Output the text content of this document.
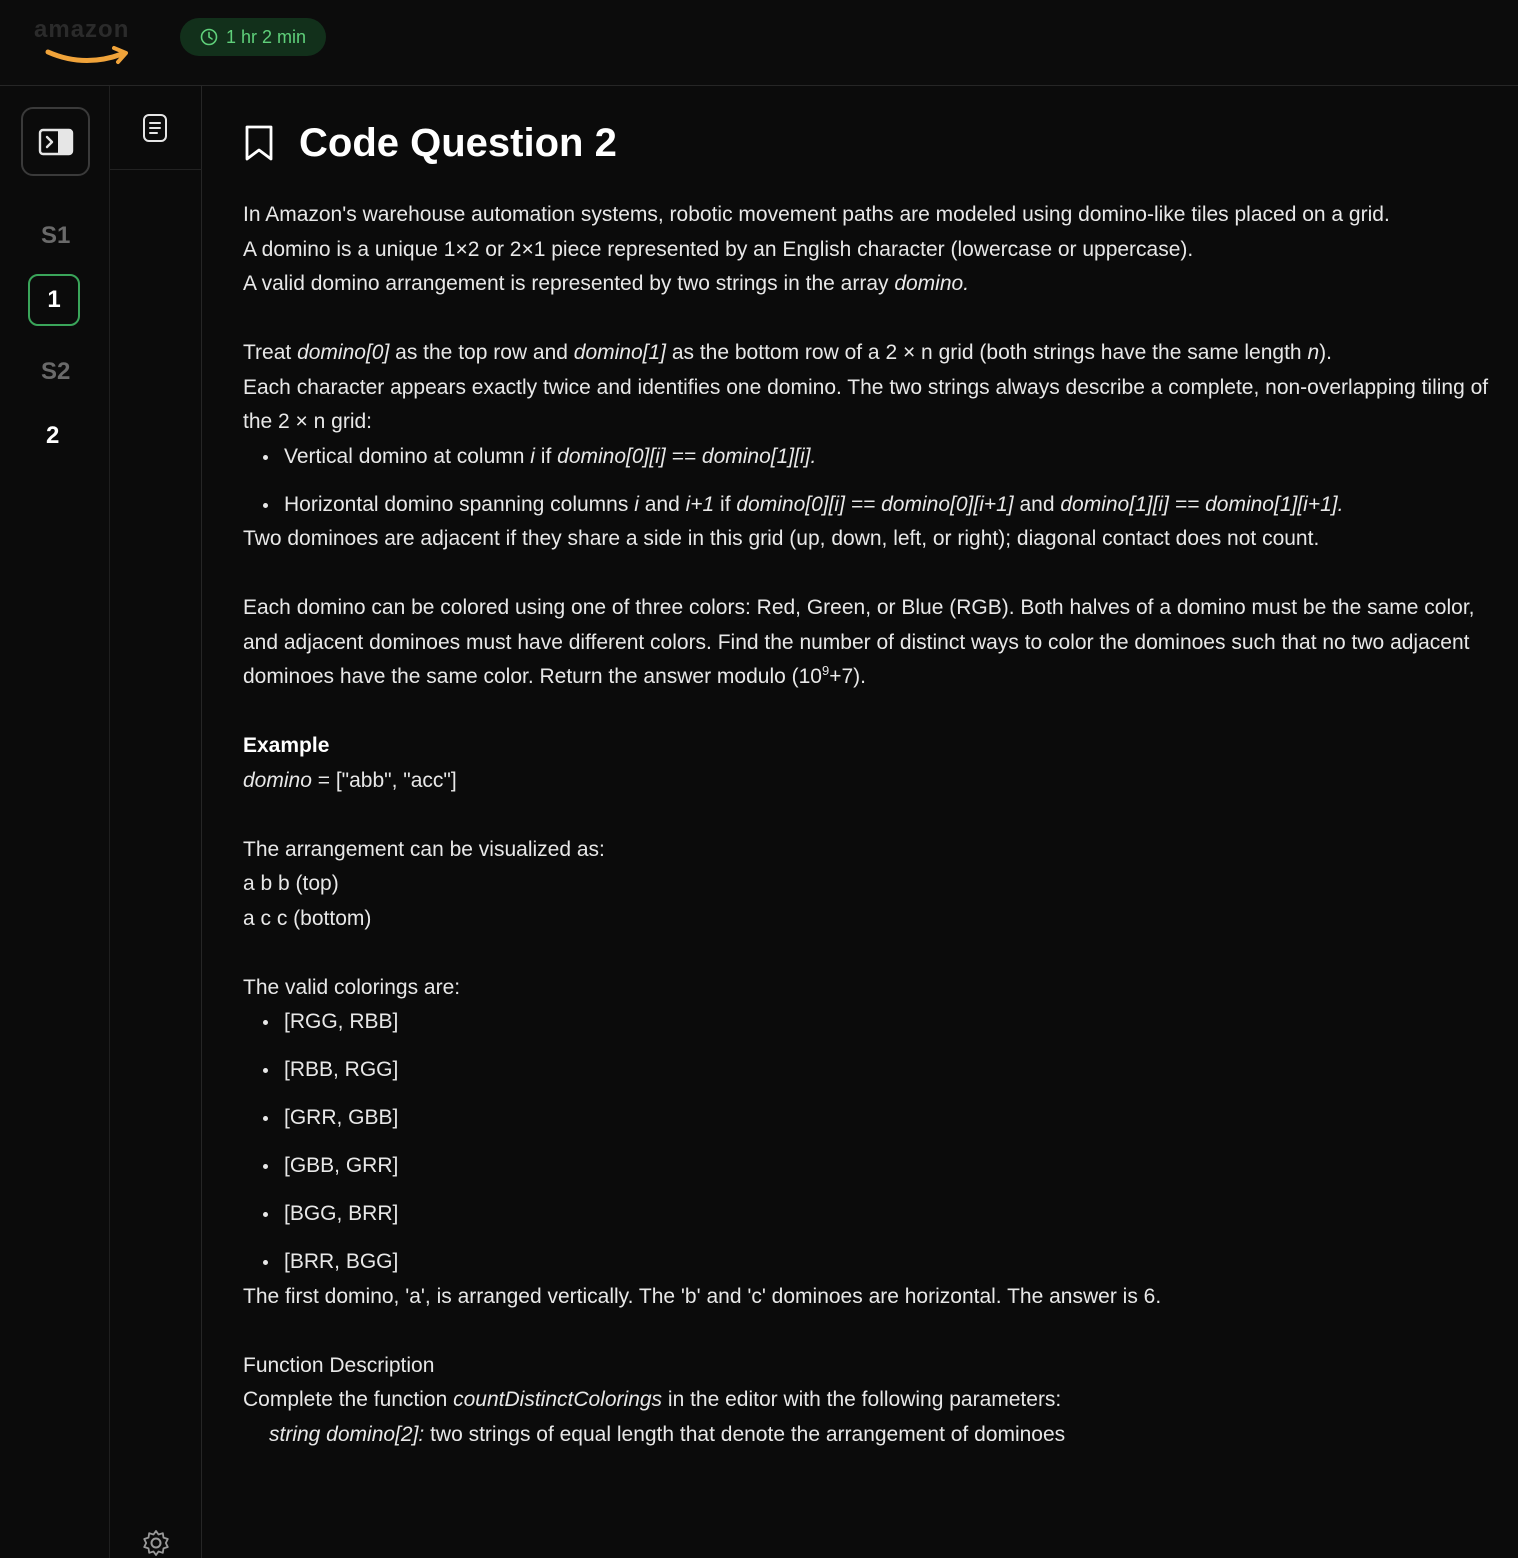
amazon	1 hr 2 min
S1
1
S2
2
Code Question 2

In Amazon's warehouse automation systems, robotic movement paths are modeled using domino-like tiles placed on a grid.

A domino is a unique 1×2 or 2×1 piece represented by an English character (lowercase or uppercase).

A valid domino arrangement is represented by two strings in the array domino.

Treat domino[0] as the top row and domino[1] as the bottom row of a 2 × n grid (both strings have the same length n).

Each character appears exactly twice and identifies one domino. The two strings always describe a complete, non-overlapping tiling of the 2 × n grid:

Vertical domino at column i if domino[0][i] == domino[1][i].
Horizontal domino spanning columns i and i+1 if domino[0][i] == domino[0][i+1] and domino[1][i] == domino[1][i+1].

Two dominoes are adjacent if they share a side in this grid (up, down, left, or right); diagonal contact does not count.

Each domino can be colored using one of three colors: Red, Green, or Blue (RGB). Both halves of a domino must be the same color, and adjacent dominoes must have different colors. Find the number of distinct ways to color the dominoes such that no two adjacent dominoes have the same color. Return the answer modulo $(10^9+7)$.

Example

domino = ["abb", "acc"]

The arrangement can be visualized as:

a b b (top)

a c c (bottom)

The valid colorings are:

[RGG, RBB]
[RBB, RGG]
[GRR, GBB]
[GBB, GRR]
[BGG, BRR]
[BRR, BGG]

The first domino, 'a', is arranged vertically. The 'b' and 'c' dominoes are horizontal. The answer is 6.

Function Description

Complete the function countDistinctColorings in the editor with the following parameters:

string domino[2]: two strings of equal length that denote the arrangement of dominoes
